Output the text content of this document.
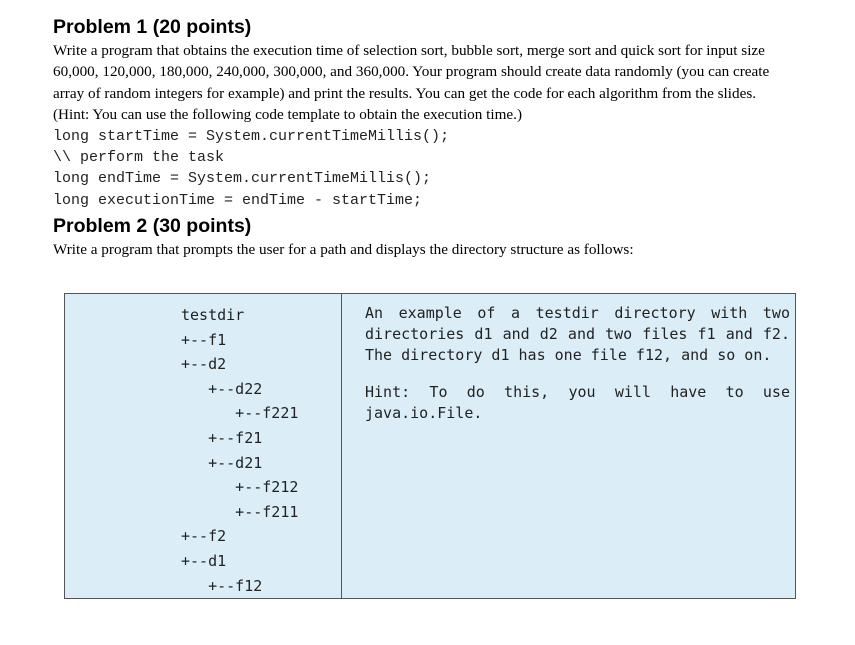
Problem 1 (20 points)

Write a program that obtains the execution time of selection sort, bubble sort, merge sort and quick sort for input size 60,000, 120,000, 180,000, 240,000, 300,000, and 360,000. Your program should create data randomly (you can create array of random integers for example) and print the results. You can get the code for each algorithm from the slides.

(Hint: You can use the following code template to obtain the execution time.)

long startTime = System.currentTimeMillis();

\\ perform the task

long endTime = System.currentTimeMillis();

long executionTime = endTime - startTime;

Problem 2 (30 points)

Write a program that prompts the user for a path and displays the directory structure as follows:

testdir
+--f1
+--d2
+--d22
+--f221
+--f21
+--d21
+--f212
+--f211
+--f2
+--d1
+--f12

An example of a testdir directory with two directories d1 and d2 and two files f1 and f2. The directory d1 has one file f12, and so on.

Hint: To do this, you will have to use java.io.File.
